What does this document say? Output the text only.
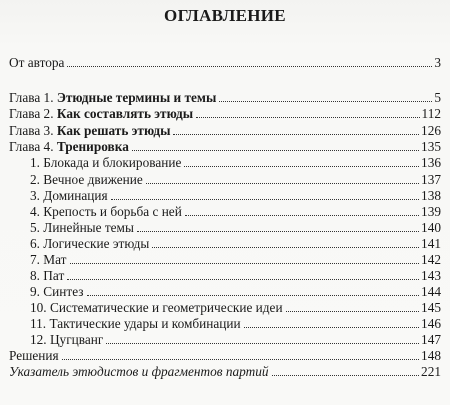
ОГЛАВЛЕНИЕ
От автора	3
Глава 1. Этюдные термины и темы	5
Глава 2. Как составлять этюды	112
Глава 3. Как решать этюды	126
Глава 4. Тренировка	135
1. Блокада и блокирование	136
2. Вечное движение	137
3. Доминация	138
4. Крепость и борьба с ней	139
5. Линейные темы	140
6. Логические этюды	141
7. Мат	142
8. Пат	143
9. Синтез	144
10. Систематические и геометрические идеи	145
11. Тактические удары и комбинации	146
12. Цугцванг	147
Решения	148
Указатель этюдистов и фрагментов партий	221
